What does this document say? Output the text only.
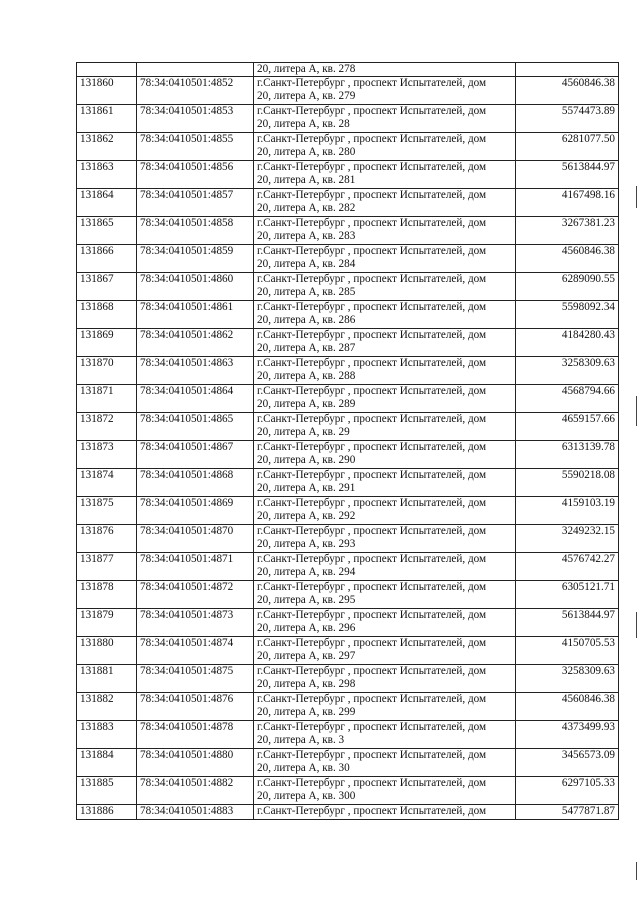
		20, литера А, кв. 278	

131860	78:34:0410501:4852	г.Санкт-Петербург , проспект Испытателей, дом
20, литера А, кв. 279	4560846.38
131861	78:34:0410501:4853	г.Санкт-Петербург , проспект Испытателей, дом
20, литера А, кв. 28	5574473.89
131862	78:34:0410501:4855	г.Санкт-Петербург , проспект Испытателей, дом
20, литера А, кв. 280	6281077.50
131863	78:34:0410501:4856	г.Санкт-Петербург , проспект Испытателей, дом
20, литера А, кв. 281	5613844.97
131864	78:34:0410501:4857	г.Санкт-Петербург , проспект Испытателей, дом
20, литера А, кв. 282	4167498.16
131865	78:34:0410501:4858	г.Санкт-Петербург , проспект Испытателей, дом
20, литера А, кв. 283	3267381.23
131866	78:34:0410501:4859	г.Санкт-Петербург , проспект Испытателей, дом
20, литера А, кв. 284	4560846.38
131867	78:34:0410501:4860	г.Санкт-Петербург , проспект Испытателей, дом
20, литера А, кв. 285	6289090.55
131868	78:34:0410501:4861	г.Санкт-Петербург , проспект Испытателей, дом
20, литера А, кв. 286	5598092.34
131869	78:34:0410501:4862	г.Санкт-Петербург , проспект Испытателей, дом
20, литера А, кв. 287	4184280.43
131870	78:34:0410501:4863	г.Санкт-Петербург , проспект Испытателей, дом
20, литера А, кв. 288	3258309.63
131871	78:34:0410501:4864	г.Санкт-Петербург , проспект Испытателей, дом
20, литера А, кв. 289	4568794.66
131872	78:34:0410501:4865	г.Санкт-Петербург , проспект Испытателей, дом
20, литера А, кв. 29	4659157.66
131873	78:34:0410501:4867	г.Санкт-Петербург , проспект Испытателей, дом
20, литера А, кв. 290	6313139.78
131874	78:34:0410501:4868	г.Санкт-Петербург , проспект Испытателей, дом
20, литера А, кв. 291	5590218.08
131875	78:34:0410501:4869	г.Санкт-Петербург , проспект Испытателей, дом
20, литера А, кв. 292	4159103.19
131876	78:34:0410501:4870	г.Санкт-Петербург , проспект Испытателей, дом
20, литера А, кв. 293	3249232.15
131877	78:34:0410501:4871	г.Санкт-Петербург , проспект Испытателей, дом
20, литера А, кв. 294	4576742.27
131878	78:34:0410501:4872	г.Санкт-Петербург , проспект Испытателей, дом
20, литера А, кв. 295	6305121.71
131879	78:34:0410501:4873	г.Санкт-Петербург , проспект Испытателей, дом
20, литера А, кв. 296	5613844.97
131880	78:34:0410501:4874	г.Санкт-Петербург , проспект Испытателей, дом
20, литера А, кв. 297	4150705.53
131881	78:34:0410501:4875	г.Санкт-Петербург , проспект Испытателей, дом
20, литера А, кв. 298	3258309.63
131882	78:34:0410501:4876	г.Санкт-Петербург , проспект Испытателей, дом
20, литера А, кв. 299	4560846.38
131883	78:34:0410501:4878	г.Санкт-Петербург , проспект Испытателей, дом
20, литера А, кв. 3	4373499.93
131884	78:34:0410501:4880	г.Санкт-Петербург , проспект Испытателей, дом
20, литера А, кв. 30	3456573.09
131885	78:34:0410501:4882	г.Санкт-Петербург , проспект Испытателей, дом
20, литера А, кв. 300	6297105.33
131886	78:34:0410501:4883	г.Санкт-Петербург , проспект Испытателей, дом	5477871.87
